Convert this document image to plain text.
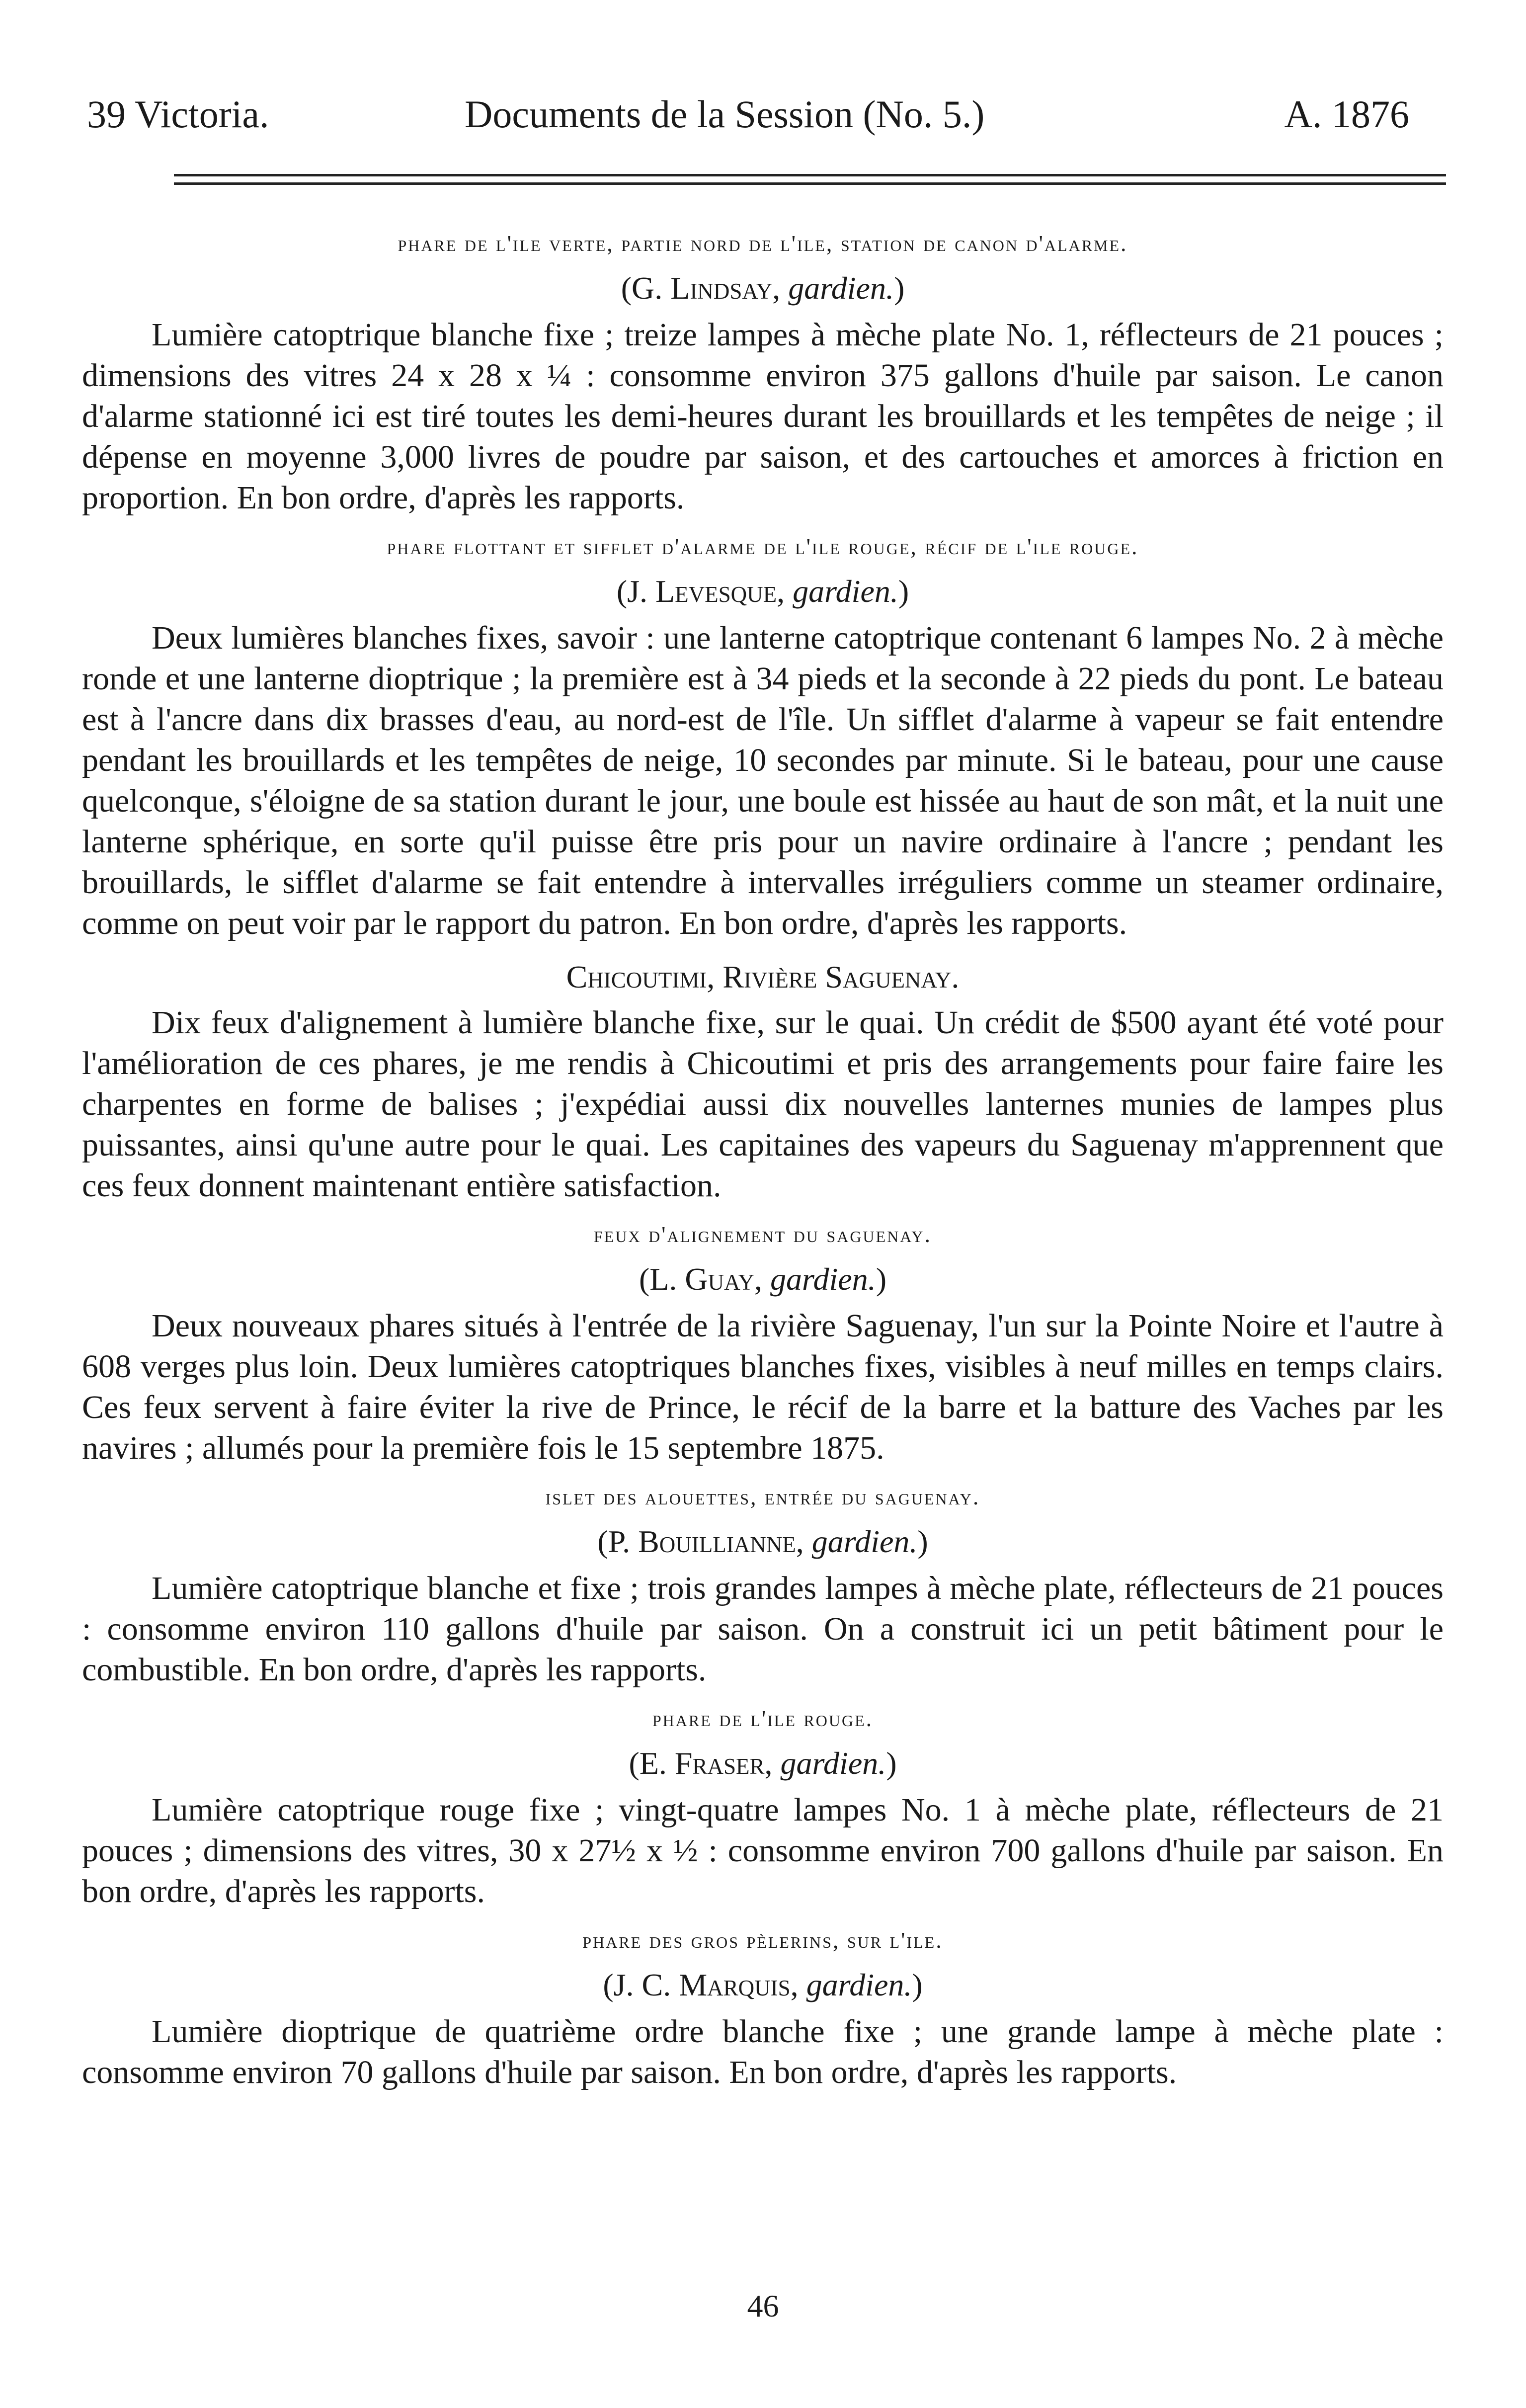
39 Victoria.	Documents de la Session (No. 5.)	A. 1876

phare de l'ile verte, partie nord de l'ile, station de canon d'alarme.

(G. Lindsay, gardien.)

Lumière catoptrique blanche fixe ; treize lampes à mèche plate No. 1, réflecteurs de 21 pouces ; dimensions des vitres 24 x 28 x ¼ : consomme environ 375 gallons d'huile par saison. Le canon d'alarme stationné ici est tiré toutes les demi-heures durant les brouillards et les tempêtes de neige ; il dépense en moyenne 3,000 livres de poudre par saison, et des cartouches et amorces à friction en proportion. En bon ordre, d'après les rapports.

phare flottant et sifflet d'alarme de l'ile rouge, récif de l'ile rouge.

(J. Levesque, gardien.)

Deux lumières blanches fixes, savoir : une lanterne catoptrique contenant 6 lampes No. 2 à mèche ronde et une lanterne dioptrique ; la première est à 34 pieds et la seconde à 22 pieds du pont. Le bateau est à l'ancre dans dix brasses d'eau, au nord-est de l'île. Un sifflet d'alarme à vapeur se fait entendre pendant les brouillards et les tempêtes de neige, 10 secondes par minute. Si le bateau, pour une cause quelconque, s'éloigne de sa station durant le jour, une boule est hissée au haut de son mât, et la nuit une lanterne sphérique, en sorte qu'il puisse être pris pour un navire ordinaire à l'ancre ; pendant les brouillards, le sifflet d'alarme se fait entendre à intervalles irréguliers comme un steamer ordinaire, comme on peut voir par le rapport du patron. En bon ordre, d'après les rapports.

Chicoutimi, Rivière Saguenay.

Dix feux d'alignement à lumière blanche fixe, sur le quai. Un crédit de $500 ayant été voté pour l'amélioration de ces phares, je me rendis à Chicoutimi et pris des arrangements pour faire faire les charpentes en forme de balises ; j'expédiai aussi dix nouvelles lanternes munies de lampes plus puissantes, ainsi qu'une autre pour le quai. Les capitaines des vapeurs du Saguenay m'apprennent que ces feux donnent maintenant entière satisfaction.

feux d'alignement du saguenay.

(L. Guay, gardien.)

Deux nouveaux phares situés à l'entrée de la rivière Saguenay, l'un sur la Pointe Noire et l'autre à 608 verges plus loin. Deux lumières catoptriques blanches fixes, visibles à neuf milles en temps clairs. Ces feux servent à faire éviter la rive de Prince, le récif de la barre et la batture des Vaches par les navires ; allumés pour la première fois le 15 septembre 1875.

islet des alouettes, entrée du saguenay.

(P. Bouillianne, gardien.)

Lumière catoptrique blanche et fixe ; trois grandes lampes à mèche plate, réflecteurs de 21 pouces : consomme environ 110 gallons d'huile par saison. On a construit ici un petit bâtiment pour le combustible. En bon ordre, d'après les rapports.

phare de l'ile rouge.

(E. Fraser, gardien.)

Lumière catoptrique rouge fixe ; vingt-quatre lampes No. 1 à mèche plate, réflecteurs de 21 pouces ; dimensions des vitres, 30 x 27½ x ½ : consomme environ 700 gallons d'huile par saison. En bon ordre, d'après les rapports.

phare des gros pèlerins, sur l'ile.

(J. C. Marquis, gardien.)

Lumière dioptrique de quatrième ordre blanche fixe ; une grande lampe à mèche plate : consomme environ 70 gallons d'huile par saison. En bon ordre, d'après les rapports.

46
